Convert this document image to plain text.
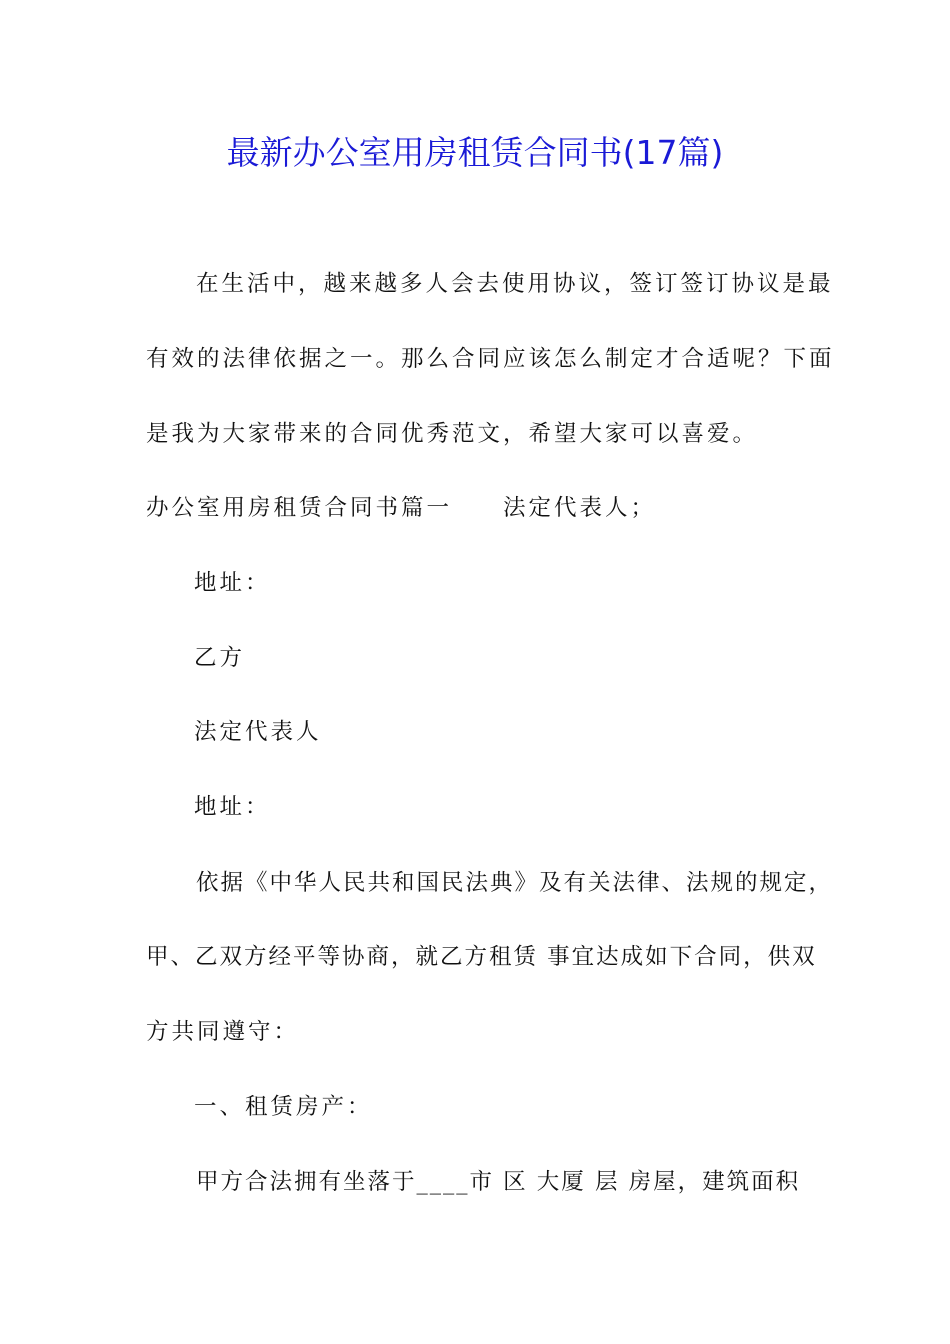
最新办公室用房租赁合同书(17篇)
在生活中，越来越多人会去使用协议，签订签订协议是最
有效的法律依据之一。那么合同应该怎么制定才合适呢？下面
是我为大家带来的合同优秀范文，希望大家可以喜爱。
办公室用房租赁合同书篇一　　法定代表人；
地址：
乙方
法定代表人
地址：
依据《中华人民共和国民法典》及有关法律、法规的规定，
甲、乙双方经平等协商，就乙方租赁 事宜达成如下合同，供双
方共同遵守：
一、租赁房产：
甲方合法拥有坐落于____市 区 大厦 层 房屋，建筑面积
